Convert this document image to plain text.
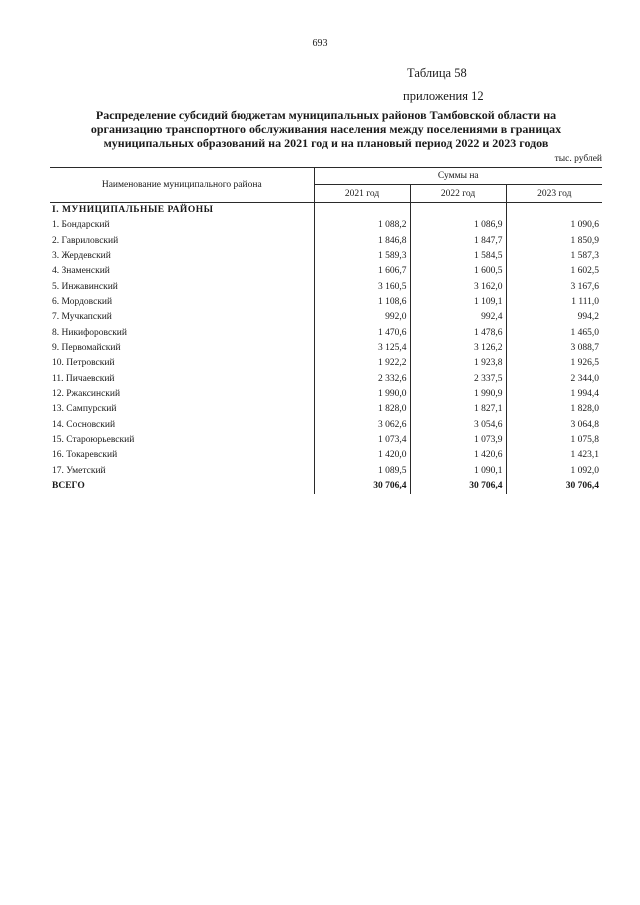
693
Таблица 58
приложения 12
Распределение субсидий бюджетам муниципальных районов Тамбовской области на
организацию транспортного обслуживания населения между поселениями в границах
муниципальных образований на 2021 год и на плановый период 2022 и 2023 годов
тыс. рублей
Наименование муниципального района	Суммы на		
	2021 год	2022 год	2023 год
I. МУНИЦИПАЛЬНЫЕ РАЙОНЫ			
1. Бондарский	1 088,2	1 086,9	1 090,6
2. Гавриловский	1 846,8	1 847,7	1 850,9
3. Жердевский	1 589,3	1 584,5	1 587,3
4. Знаменский	1 606,7	1 600,5	1 602,5
5. Инжавинский	3 160,5	3 162,0	3 167,6
6. Мордовский	1 108,6	1 109,1	1 111,0
7. Мучкапский	992,0	992,4	994,2
8. Никифоровский	1 470,6	1 478,6	1 465,0
9. Первомайский	3 125,4	3 126,2	3 088,7
10. Петровский	1 922,2	1 923,8	1 926,5
11. Пичаевский	2 332,6	2 337,5	2 344,0
12. Ржаксинский	1 990,0	1 990,9	1 994,4
13. Сампурский	1 828,0	1 827,1	1 828,0
14. Сосновский	3 062,6	3 054,6	3 064,8
15. Староюрьевский	1 073,4	1 073,9	1 075,8
16. Токаревский	1 420,0	1 420,6	1 423,1
17. Уметский	1 089,5	1 090,1	1 092,0
ВСЕГО	30 706,4	30 706,4	30 706,4
